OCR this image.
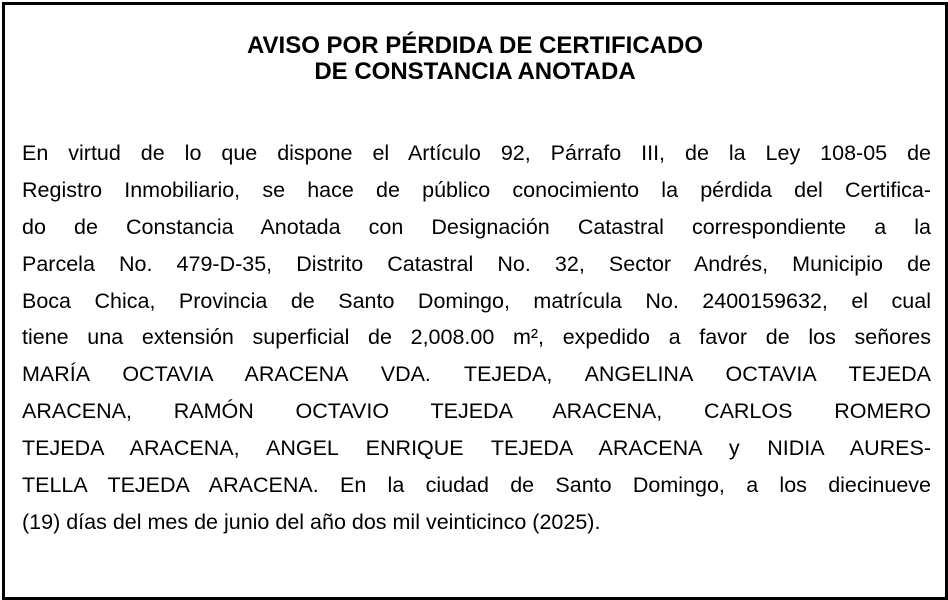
AVISO POR PÉRDIDA DE CERTIFICADO
DE CONSTANCIA ANOTADA
En virtud de lo que dispone el Artículo 92, Párrafo III, de la Ley 108-05 de
Registro Inmobiliario, se hace de público conocimiento la pérdida del Certifica-
do de Constancia Anotada con Designación Catastral correspondiente a la
Parcela No. 479-D-35, Distrito Catastral No. 32, Sector Andrés, Municipio de
Boca Chica, Provincia de Santo Domingo, matrícula No. 2400159632, el cual
tiene una extensión superficial de 2,008.00 m², expedido a favor de los señores
MARÍA OCTAVIA ARACENA VDA. TEJEDA, ANGELINA OCTAVIA TEJEDA
ARACENA, RAMÓN OCTAVIO TEJEDA ARACENA, CARLOS ROMERO
TEJEDA ARACENA, ANGEL ENRIQUE TEJEDA ARACENA y NIDIA AURES-
TELLA TEJEDA ARACENA. En la ciudad de Santo Domingo, a los diecinueve
(19) días del mes de junio del año dos mil veinticinco (2025).
